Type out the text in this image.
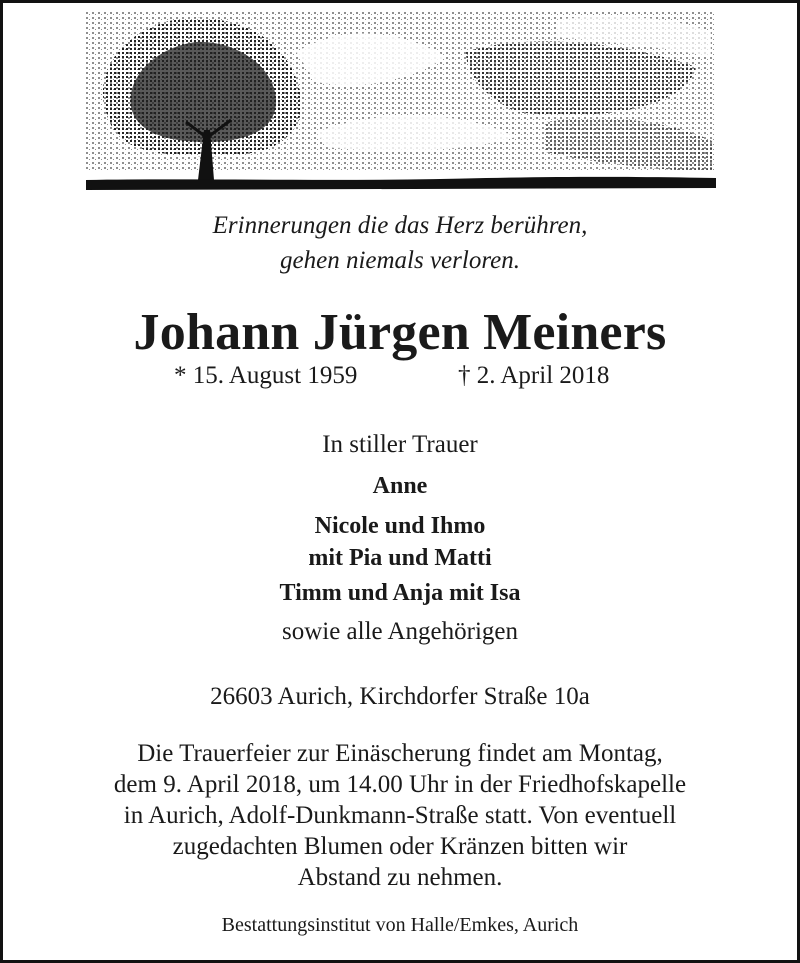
Erinnerungen die das Herz berühren,
gehen niemals verloren.
Johann Jürgen Meiners
* 15. August 1959	† 2. April 2018
In stiller Trauer
Anne
Nicole und Ihmo
mit Pia und Matti
Timm und Anja mit Isa
sowie alle Angehörigen
26603 Aurich, Kirchdorfer Straße 10a
Die Trauerfeier zur Einäscherung findet am Montag,
dem 9. April 2018, um 14.00 Uhr in der Friedhofskapelle
in Aurich, Adolf-Dunkmann-Straße statt. Von eventuell
zugedachten Blumen oder Kränzen bitten wir
Abstand zu nehmen.
Bestattungsinstitut von Halle/Emkes, Aurich
